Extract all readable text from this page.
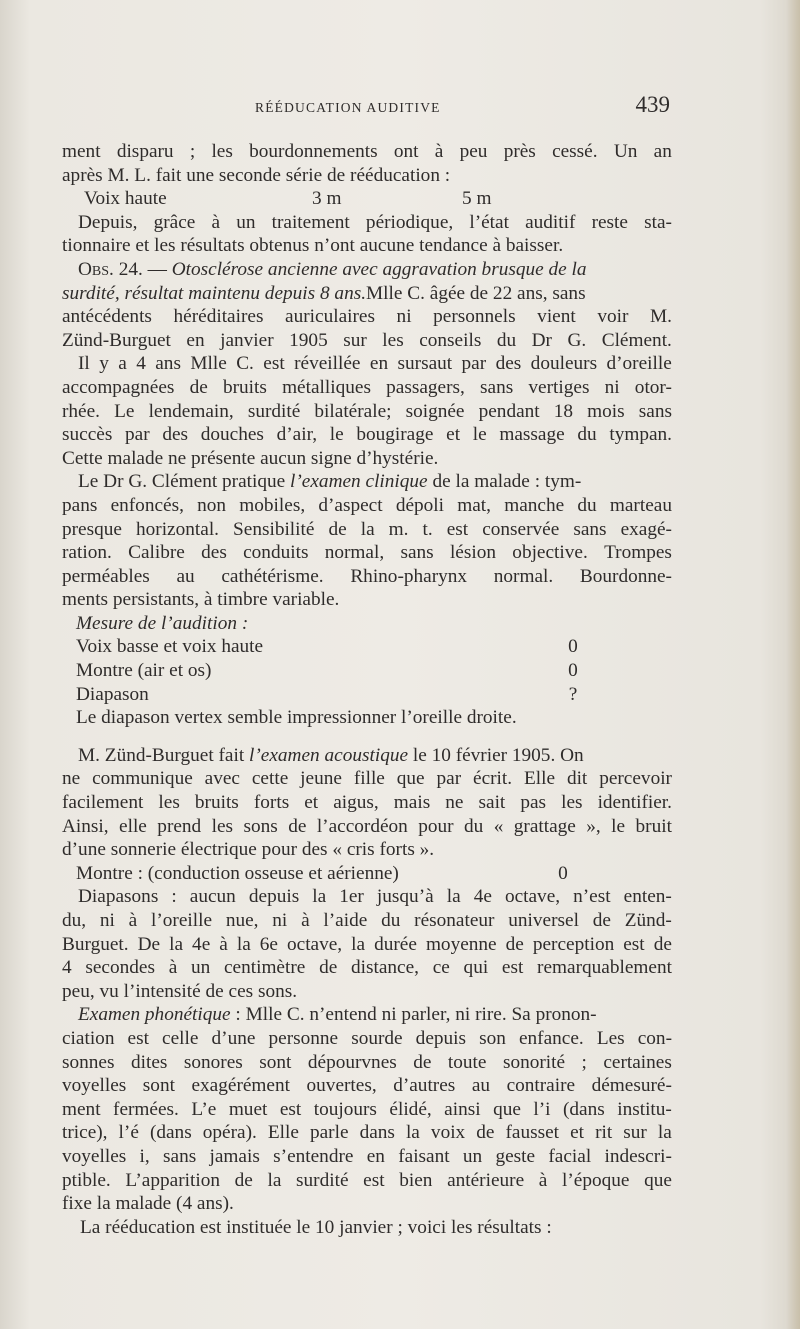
RÉÉDUCATION AUDITIVE	439
ment disparu ; les bourdonnements ont à peu près cessé. Un an
après M. L. fait une seconde série de rééducation :
Voix haute	3 m	5 m
Depuis, grâce à un traitement périodique, l’état auditif reste sta-
tionnaire et les résultats obtenus n’ont aucune tendance à baisser.
Obs. 24. — Otosclérose ancienne avec aggravation brusque de la
surdité, résultat maintenu depuis 8 ans. Mlle C. âgée de 22 ans, sans
antécédents héréditaires auriculaires ni personnels vient voir M.
Zünd-Burguet en janvier 1905 sur les conseils du Dr G. Clément.
Il y a 4 ans Mlle C. est réveillée en sursaut par des douleurs d’oreille
accompagnées de bruits métalliques passagers, sans vertiges ni otor-
rhée. Le lendemain, surdité bilatérale; soignée pendant 18 mois sans
succès par des douches d’air, le bougirage et le massage du tympan.
Cette malade ne présente aucun signe d’hystérie.
Le Dr G. Clément pratique l’examen clinique de la malade : tym-
pans enfoncés, non mobiles, d’aspect dépoli mat, manche du marteau
presque horizontal. Sensibilité de la m. t. est conservée sans exagé-
ration. Calibre des conduits normal, sans lésion objective. Trompes
perméables au cathétérisme. Rhino-pharynx normal. Bourdonne-
ments persistants, à timbre variable.
Mesure de l’audition :
Voix basse et voix haute	0
Montre (air et os)	0
Diapason	?
Le diapason vertex semble impressionner l’oreille droite.
M. Zünd-Burguet fait l’examen acoustique le 10 février 1905. On
ne communique avec cette jeune fille que par écrit. Elle dit percevoir
facilement les bruits forts et aigus, mais ne sait pas les identifier.
Ainsi, elle prend les sons de l’accordéon pour du « grattage », le bruit
d’une sonnerie électrique pour des « cris forts ».
Montre : (conduction osseuse et aérienne)	0
Diapasons : aucun depuis la 1er jusqu’à la 4e octave, n’est enten-
du, ni à l’oreille nue, ni à l’aide du résonateur universel de Zünd-
Burguet. De la 4e à la 6e octave, la durée moyenne de perception est de
4 secondes à un centimètre de distance, ce qui est remarquablement
peu, vu l’intensité de ces sons.
Examen phonétique : Mlle C. n’entend ni parler, ni rire. Sa pronon-
ciation est celle d’une personne sourde depuis son enfance. Les con-
sonnes dites sonores sont dépourvnes de toute sonorité ; certaines
voyelles sont exagérément ouvertes, d’autres au contraire démesuré-
ment fermées. L’e muet est toujours élidé, ainsi que l’i (dans institu-
trice), l’é (dans opéra). Elle parle dans la voix de fausset et rit sur la
voyelles i, sans jamais s’entendre en faisant un geste facial indescri-
ptible. L’apparition de la surdité est bien antérieure à l’époque que
fixe la malade (4 ans).
La rééducation est instituée le 10 janvier ; voici les résultats :
